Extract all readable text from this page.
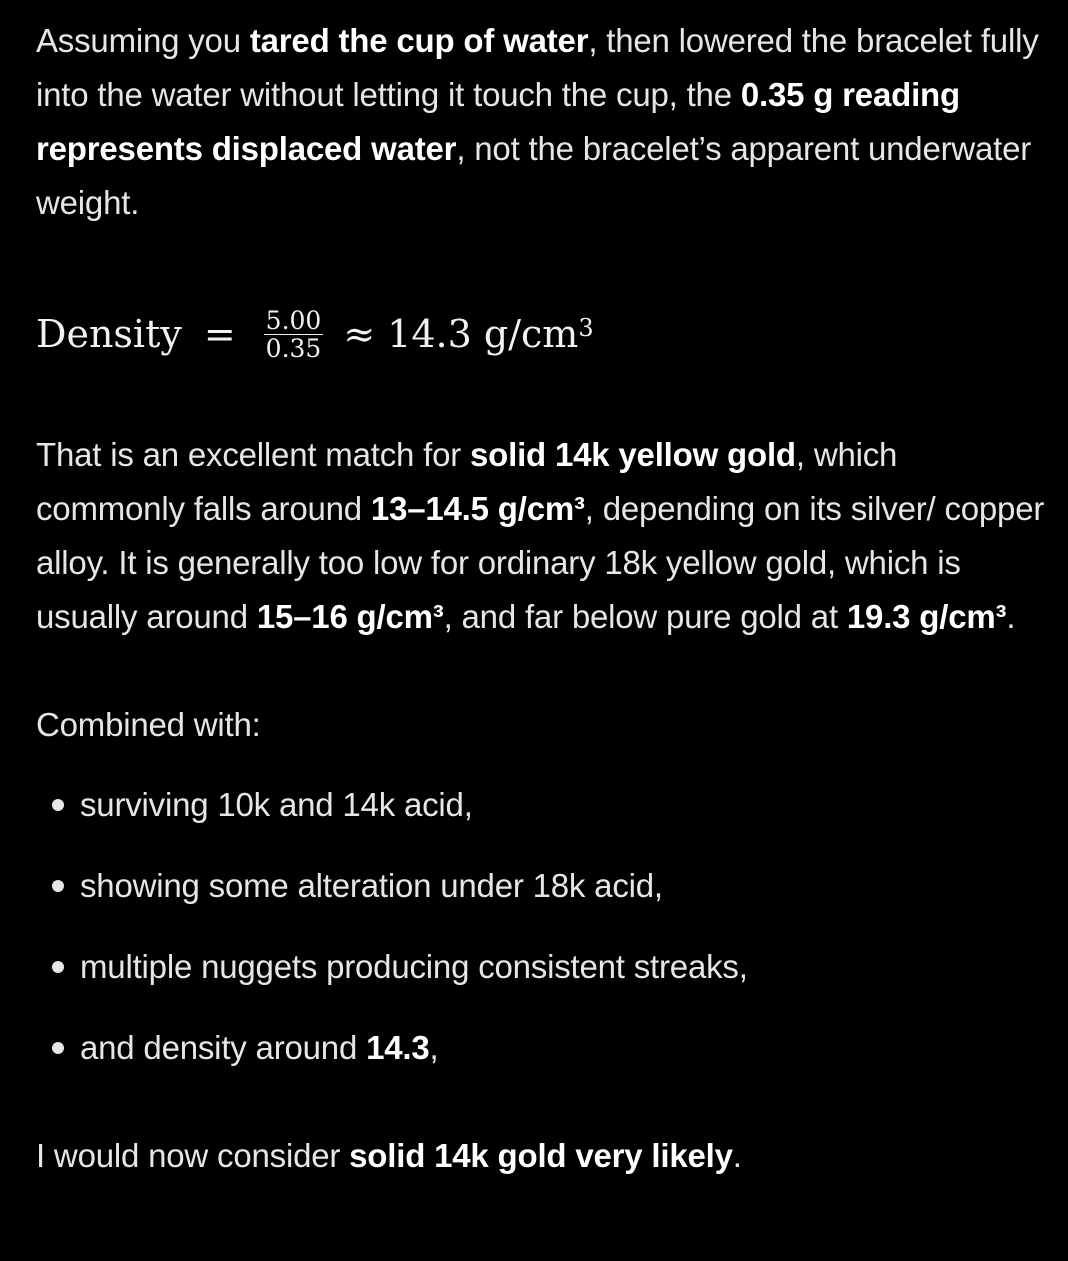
Assuming you tared the cup of water, then lowered the bracelet fully into the water without letting it touch the cup, the 0.35 g reading represents displaced water, not the bracelet’s apparent underwater weight.

Density = $\frac{5.00}{0.35} \approx 14.3$ $g/cm^3$

That is an excellent match for solid 14k yellow gold, which commonly falls around 13–14.5 g/cm³, depending on its silver/ copper alloy. It is generally too low for ordinary 18k yellow gold, which is usually around 15–16 g/cm³, and far below pure gold at 19.3 g/cm³.

Combined with:

surviving 10k and 14k acid,
showing some alteration under 18k acid,
multiple nuggets producing consistent streaks,
and density around 14.3,

I would now consider solid 14k gold very likely.
